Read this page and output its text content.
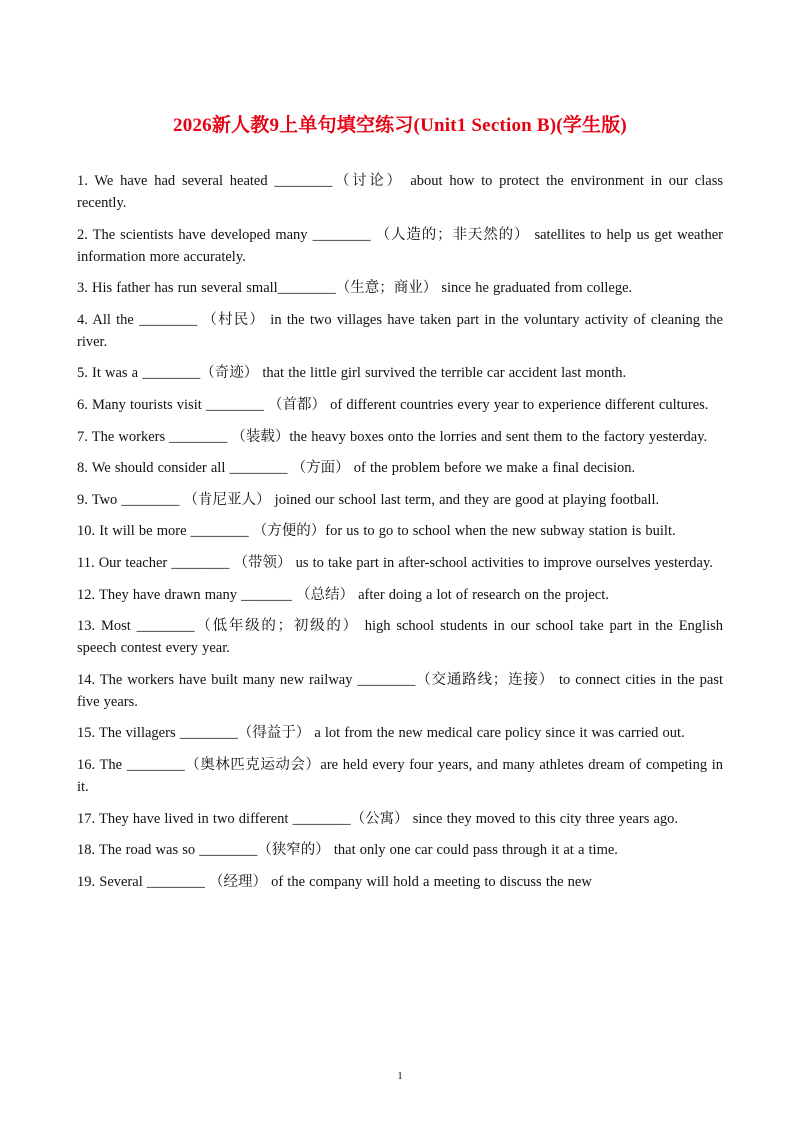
2026新人教9上单句填空练习(Unit1 Section B)(学生版)
1. We have had several heated ________（讨论） about how to protect the environment in our class recently.
2. The scientists have developed many ________ （人造的；非天然的） satellites to help us get weather information more accurately.
3. His father has run several small________（生意；商业） since he graduated from college.
4. All the ________ （村民） in the two villages have taken part in the voluntary activity of cleaning the river.
5. It was a ________（奇迹） that the little girl survived the terrible car accident last month.
6. Many tourists visit ________ （首都） of different countries every year to experience different cultures.
7. The workers ________ （装载）the heavy boxes onto the lorries and sent them to the factory yesterday.
8. We should consider all ________ （方面） of the problem before we make a final decision.
9. Two ________ （肯尼亚人） joined our school last term, and they are good at playing football.
10. It will be more ________ （方便的）for us to go to school when the new subway station is built.
11. Our teacher ________ （带领） us to take part in after-school activities to improve ourselves yesterday.
12. They have drawn many _______ （总结） after doing a lot of research on the project.
13. Most ________（低年级的；初级的） high school students in our school take part in the English speech contest every year.
14. The workers have built many new railway ________（交通路线；连接） to connect cities in the past five years.
15. The villagers ________（得益于） a lot from the new medical care policy since it was carried out.
16. The ________（奥林匹克运动会）are held every four years, and many athletes dream of competing in it.
17. They have lived in two different ________（公寓） since they moved to this city three years ago.
18. The road was so ________（狭窄的） that only one car could pass through it at a time.
19. Several ________ （经理） of the company will hold a meeting to discuss the new
1
